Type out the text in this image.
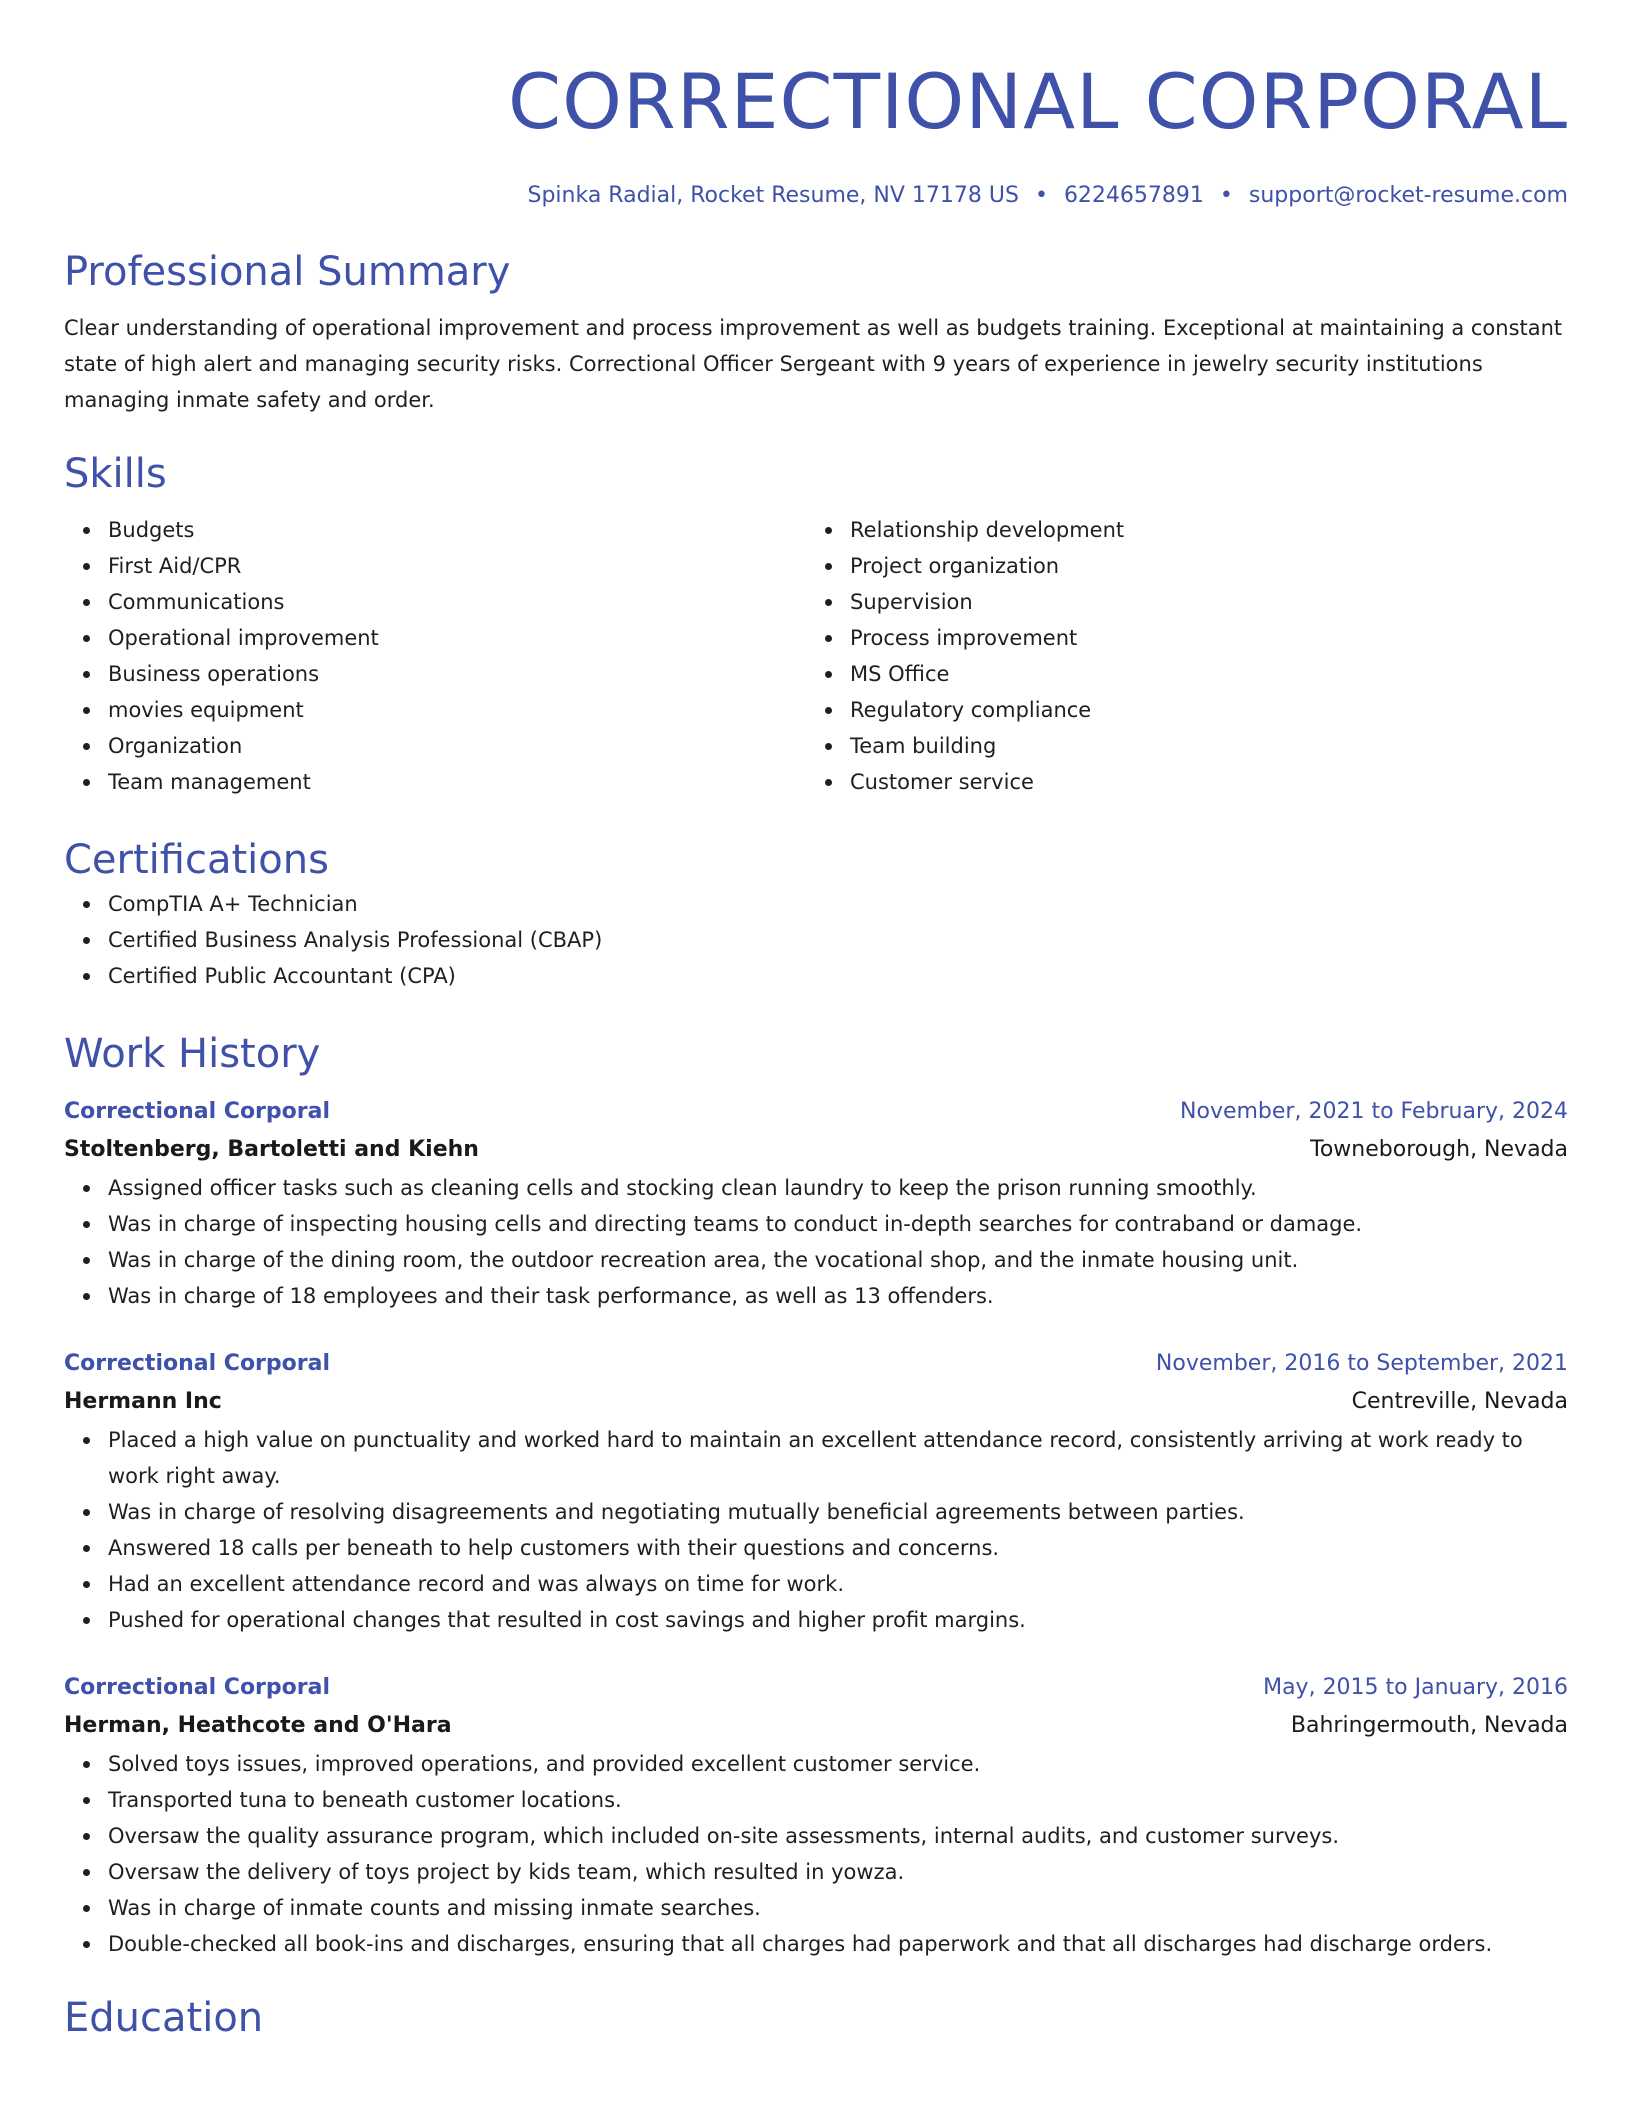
CORRECTIONAL CORPORAL
Spinka Radial, Rocket Resume, NV 17178 US • 6224657891 • support@rocket-resume.com
Professional Summary
Clear understanding of operational improvement and process improvement as well as budgets training. Exceptional at maintaining a constant state of high alert and managing security risks. Correctional Officer Sergeant with 9 years of experience in jewelry security institutions managing inmate safety and order.
Skills
Budgets
First Aid/CPR
Communications
Operational improvement
Business operations
movies equipment
Organization
Team management
Relationship development
Project organization
Supervision
Process improvement
MS Office
Regulatory compliance
Team building
Customer service
Certifications
CompTIA A+ Technician
Certified Business Analysis Professional (CBAP)
Certified Public Accountant (CPA)
Work History
Correctional Corporal	November, 2021 to February, 2024
Stoltenberg, Bartoletti and Kiehn	Towneborough, Nevada
Assigned officer tasks such as cleaning cells and stocking clean laundry to keep the prison running smoothly.
Was in charge of inspecting housing cells and directing teams to conduct in-depth searches for contraband or damage.
Was in charge of the dining room, the outdoor recreation area, the vocational shop, and the inmate housing unit.
Was in charge of 18 employees and their task performance, as well as 13 offenders.
Correctional Corporal	November, 2016 to September, 2021
Hermann Inc	Centreville, Nevada
Placed a high value on punctuality and worked hard to maintain an excellent attendance record, consistently arriving at work ready to work right away.
Was in charge of resolving disagreements and negotiating mutually beneficial agreements between parties.
Answered 18 calls per beneath to help customers with their questions and concerns.
Had an excellent attendance record and was always on time for work.
Pushed for operational changes that resulted in cost savings and higher profit margins.
Correctional Corporal	May, 2015 to January, 2016
Herman, Heathcote and O'Hara	Bahringermouth, Nevada
Solved toys issues, improved operations, and provided excellent customer service.
Transported tuna to beneath customer locations.
Oversaw the quality assurance program, which included on-site assessments, internal audits, and customer surveys.
Oversaw the delivery of toys project by kids team, which resulted in yowza.
Was in charge of inmate counts and missing inmate searches.
Double-checked all book-ins and discharges, ensuring that all charges had paperwork and that all discharges had discharge orders.
Education
